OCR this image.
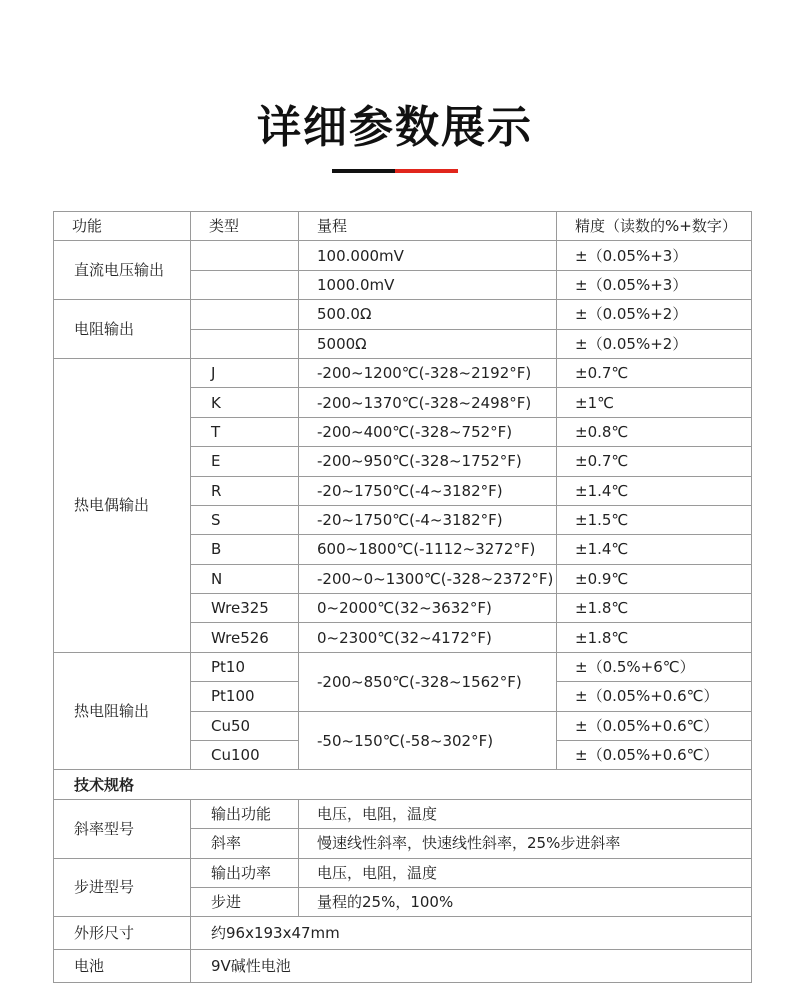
详细参数展示
功能	类型	量程	精度（读数的%+数字）
直流电压输出		100.000mV	±（0.05%+3）
		1000.0mV	±（0.05%+3）
电阻输出		500.0Ω	±（0.05%+2）
		5000Ω	±（0.05%+2）
热电偶输出	J	-200~1200℃(-328~2192°F)	±0.7℃
	K	-200~1370℃(-328~2498°F)	±1℃
	T	-200~400℃(-328~752°F)	±0.8℃
	E	-200~950℃(-328~1752°F)	±0.7℃
	R	-20~1750℃(-4~3182°F)	±1.4℃
	S	-20~1750℃(-4~3182°F)	±1.5℃
	B	600~1800℃(-1112~3272°F)	±1.4℃
	N	-200~0~1300℃(-328~2372°F)	±0.9℃
	Wre325	0~2000℃(32~3632°F)	±1.8℃
	Wre526	0~2300℃(32~4172°F)	±1.8℃
热电阻输出	Pt10	-200~850℃(-328~1562°F)	±（0.5%+6℃）
	Pt100		±（0.05%+0.6℃）
	Cu50	-50~150℃(-58~302°F)	±（0.05%+0.6℃）
	Cu100		±（0.05%+0.6℃）
技术规格			
斜率型号	输出功能	电压，电阻，温度	
	斜率	慢速线性斜率，快速线性斜率，25%步进斜率	
步进型号	输出功率	电压，电阻，温度	
	步进	量程的25%，100%	
外形尺寸	约96x193x47mm		
电池	9V碱性电池		
